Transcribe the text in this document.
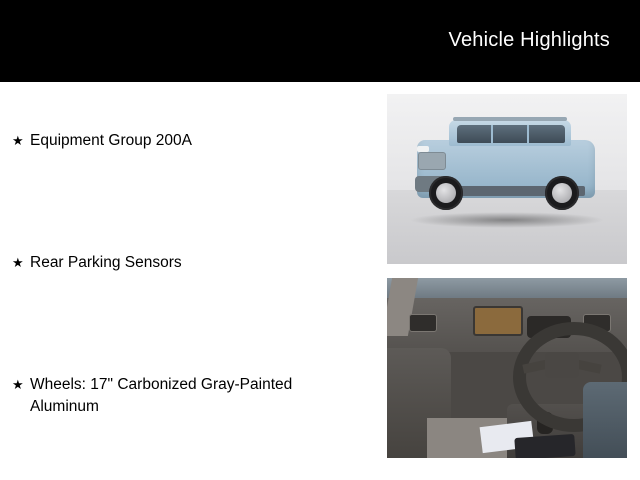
Vehicle Highlights
★ Equipment Group 200A
★ Rear Parking Sensors
★ Wheels: 17" Carbonized Gray-Painted Aluminum
